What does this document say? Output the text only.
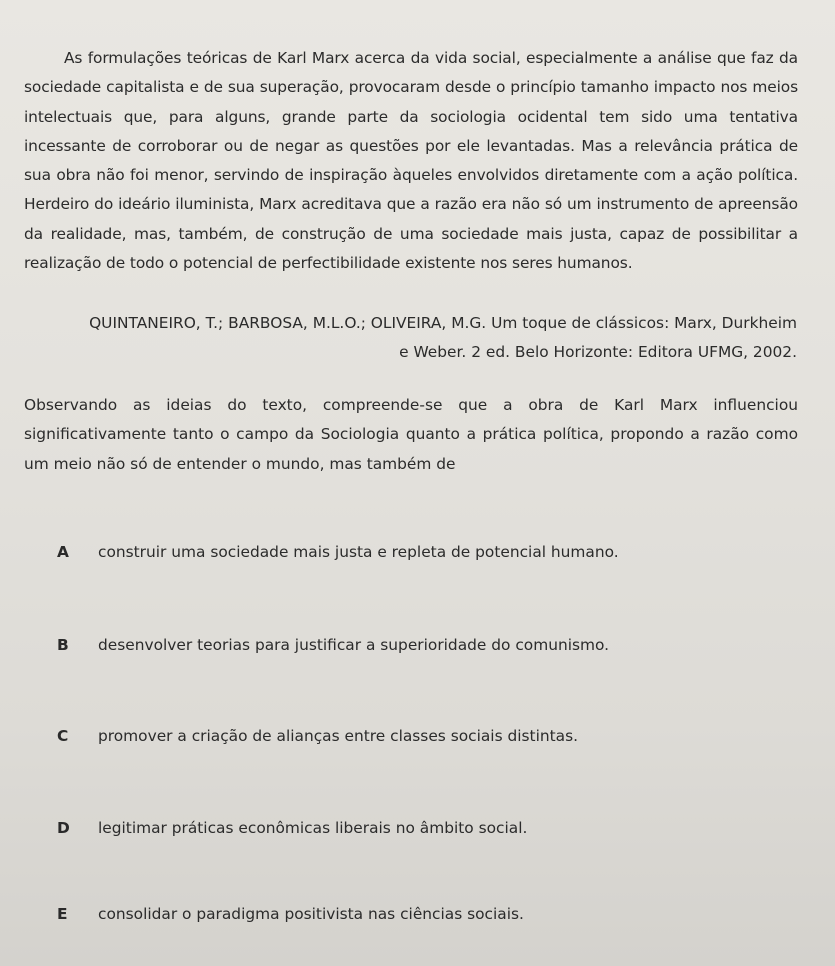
As formulações teóricas de Karl Marx acerca da vida social, especialmente a análise que faz da sociedade capitalista e de sua superação, provocaram desde o princípio tamanho impacto nos meios intelectuais que, para alguns, grande parte da sociologia ocidental tem sido uma tentativa incessante de corroborar ou de negar as questões por ele levantadas. Mas a relevância prática de sua obra não foi menor, servindo de inspiração àqueles envolvidos diretamente com a ação política. Herdeiro do ideário iluminista, Marx acreditava que a razão era não só um instrumento de apreensão da realidade, mas, também, de construção de uma sociedade mais justa, capaz de possibilitar a realização de todo o potencial de perfectibilidade existente nos seres humanos.

QUINTANEIRO, T.; BARBOSA, M.L.O.; OLIVEIRA, M.G. Um toque de clássicos: Marx, Durkheim e Weber. 2 ed. Belo Horizonte: Editora UFMG, 2002.

Observando as ideias do texto, compreende-se que a obra de Karl Marx influenciou significativamente tanto o campo da Sociologia quanto a prática política, propondo a razão como um meio não só de entender o mundo, mas também de

A	construir uma sociedade mais justa e repleta de potencial humano.
B	desenvolver teorias para justificar a superioridade do comunismo.
C	promover a criação de alianças entre classes sociais distintas.
D	legitimar práticas econômicas liberais no âmbito social.
E	consolidar o paradigma positivista nas ciências sociais.
